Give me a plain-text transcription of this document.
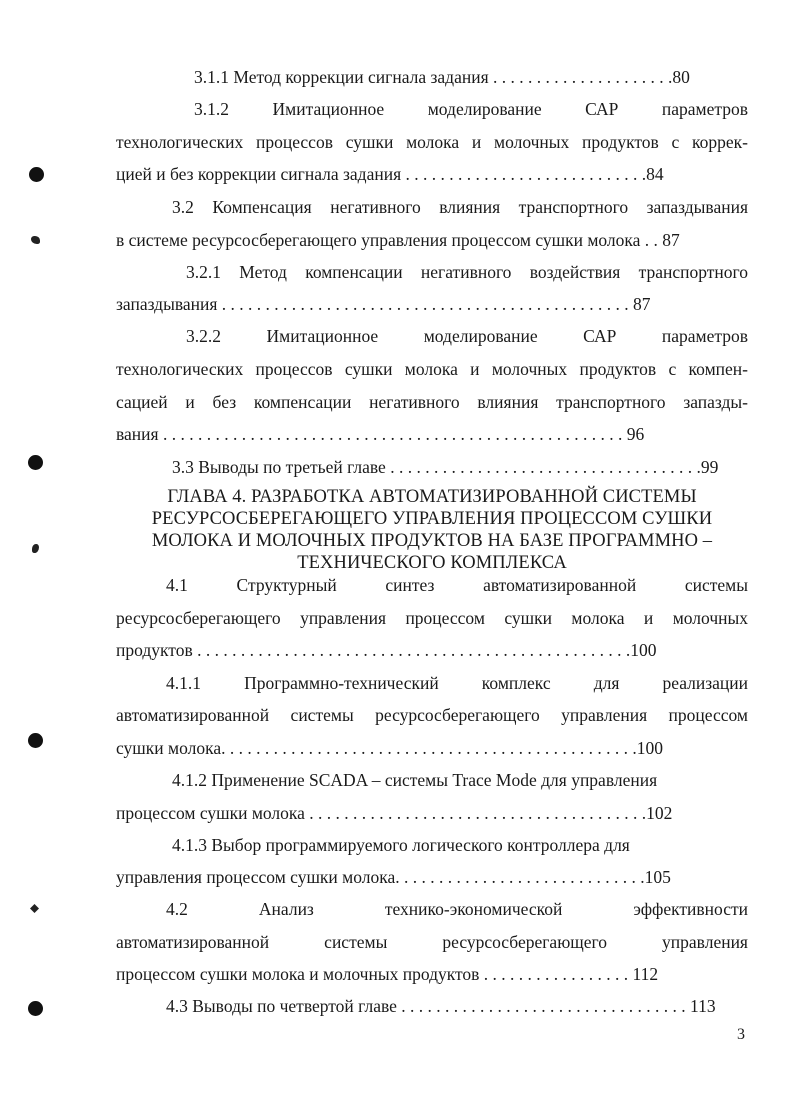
3.1.1 Метод коррекции сигнала задания . . . . . . . . . . . . . . . . . . . . .80
3.1.2 Имитационное моделирование САР параметров
технологических процессов сушки молока и молочных продуктов с коррек-
цией и без коррекции сигнала задания . . . . . . . . . . . . . . . . . . . . . . . . . . . .84
3.2 Компенсация негативного влияния транспортного запаздывания
в системе ресурсосберегающего управления процессом сушки молока . . 87
3.2.1 Метод компенсации негативного воздействия транспортного
запаздывания . . . . . . . . . . . . . . . . . . . . . . . . . . . . . . . . . . . . . . . . . . . . . . . 87
3.2.2 Имитационное моделирование САР параметров
технологических процессов сушки молока и молочных продуктов с компен-
сацией и без компенсации негативного влияния транспортного запазды-
вания . . . . . . . . . . . . . . . . . . . . . . . . . . . . . . . . . . . . . . . . . . . . . . . . . . . . . 96
3.3 Выводы по третьей главе . . . . . . . . . . . . . . . . . . . . . . . . . . . . . . . . . . . .99
ГЛАВА 4. РАЗРАБОТКА АВТОМАТИЗИРОВАННОЙ СИСТЕМЫ
РЕСУРСОСБЕРЕГАЮЩЕГО УПРАВЛЕНИЯ ПРОЦЕССОМ СУШКИ
МОЛОКА И МОЛОЧНЫХ ПРОДУКТОВ НА БАЗЕ ПРОГРАММНО –
ТЕХНИЧЕСКОГО КОМПЛЕКСА
4.1 Структурный синтез автоматизированной системы
ресурсосберегающего управления процессом сушки молока и молочных
продуктов . . . . . . . . . . . . . . . . . . . . . . . . . . . . . . . . . . . . . . . . . . . . . . . . . .100
4.1.1 Программно-технический комплекс для реализации
автоматизированной системы ресурсосберегающего управления процессом
сушки молока. . . . . . . . . . . . . . . . . . . . . . . . . . . . . . . . . . . . . . . . . . . . . . . .100
4.1.2 Применение SCADA – системы Trace Mode для управления
процессом сушки молока . . . . . . . . . . . . . . . . . . . . . . . . . . . . . . . . . . . . . . .102
4.1.3 Выбор программируемого логического контроллера для
управления процессом сушки молока. . . . . . . . . . . . . . . . . . . . . . . . . . . . .105
4.2 Анализ технико-экономической эффективности
автоматизированной системы ресурсосберегающего управления
процессом сушки молока и молочных продуктов . . . . . . . . . . . . . . . . . 112
4.3 Выводы по четвертой главе . . . . . . . . . . . . . . . . . . . . . . . . . . . . . . . . . 113
3
